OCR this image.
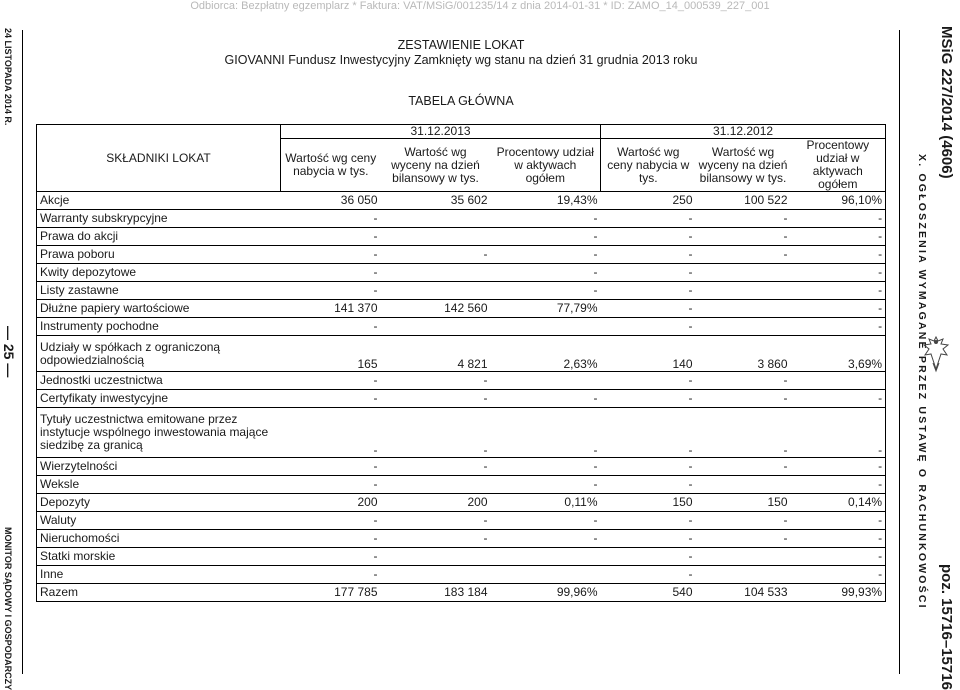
Odbiorca: Bezpłatny egzemplarz * Faktura: VAT/MSiG/001235/14 z dnia 2014-01-31 * ID: ZAMO_14_000539_227_001
24 LISTOPADA 2014 R.
— 25 —
MONITOR SĄDOWY I GOSPODARCZY
MSiG 227/2014 (4606)
X. OGŁOSZENIA WYMAGANE PRZEZ USTAWĘ O RACHUNKOWOŚCI
poz. 15716–15716
ZESTAWIENIE LOKAT
GIOVANNI Fundusz Inwestycyjny Zamknięty wg stanu na dzień 31 grudnia 2013 roku
TABELA GŁÓWNA
SKŁADNIKI LOKAT	31.12.2013			31.12.2012		
	Wartość wg ceny nabycia w tys.	Wartość wg wyceny na dzień bilansowy w tys.	Procentowy udział w aktywach ogółem	Wartość wg ceny nabycia w tys.	Wartość wg wyceny na dzień bilansowy w tys.	Procentowy udział w aktywach ogółem
Akcje	36 050	35 602	19,43%	250	100 522	96,10%
Warranty subskrypcyjne	-		-	-	-	-
Prawa do akcji	-		-	-	-	-
Prawa poboru	-	-	-	-	-	-
Kwity depozytowe	-		-	-		-
Listy zastawne	-		-	-		-
Dłużne papiery wartościowe	141 370	142 560	77,79%	-		-
Instrumenty pochodne	-			-		-
Udziały w spółkach z ograniczoną odpowiedzialnością	165	4 821	2,63%	140	3 860	3,69%
Jednostki uczestnictwa	-	-		-	-	
Certyfikaty inwestycyjne	-	-	-	-	-	-
Tytuły uczestnictwa emitowane przez instytucje wspólnego inwestowania mające siedzibę za granicą	-	-	-	-	-	-
Wierzytelności	-	-	-	-	-	-
Weksle	-		-	-		-
Depozyty	200	200	0,11%	150	150	0,14%
Waluty	-	-	-	-	-	-
Nieruchomości	-	-	-	-	-	-
Statki morskie	-			-		-
Inne	-			-		-
Razem	177 785	183 184	99,96%	540	104 533	99,93%
